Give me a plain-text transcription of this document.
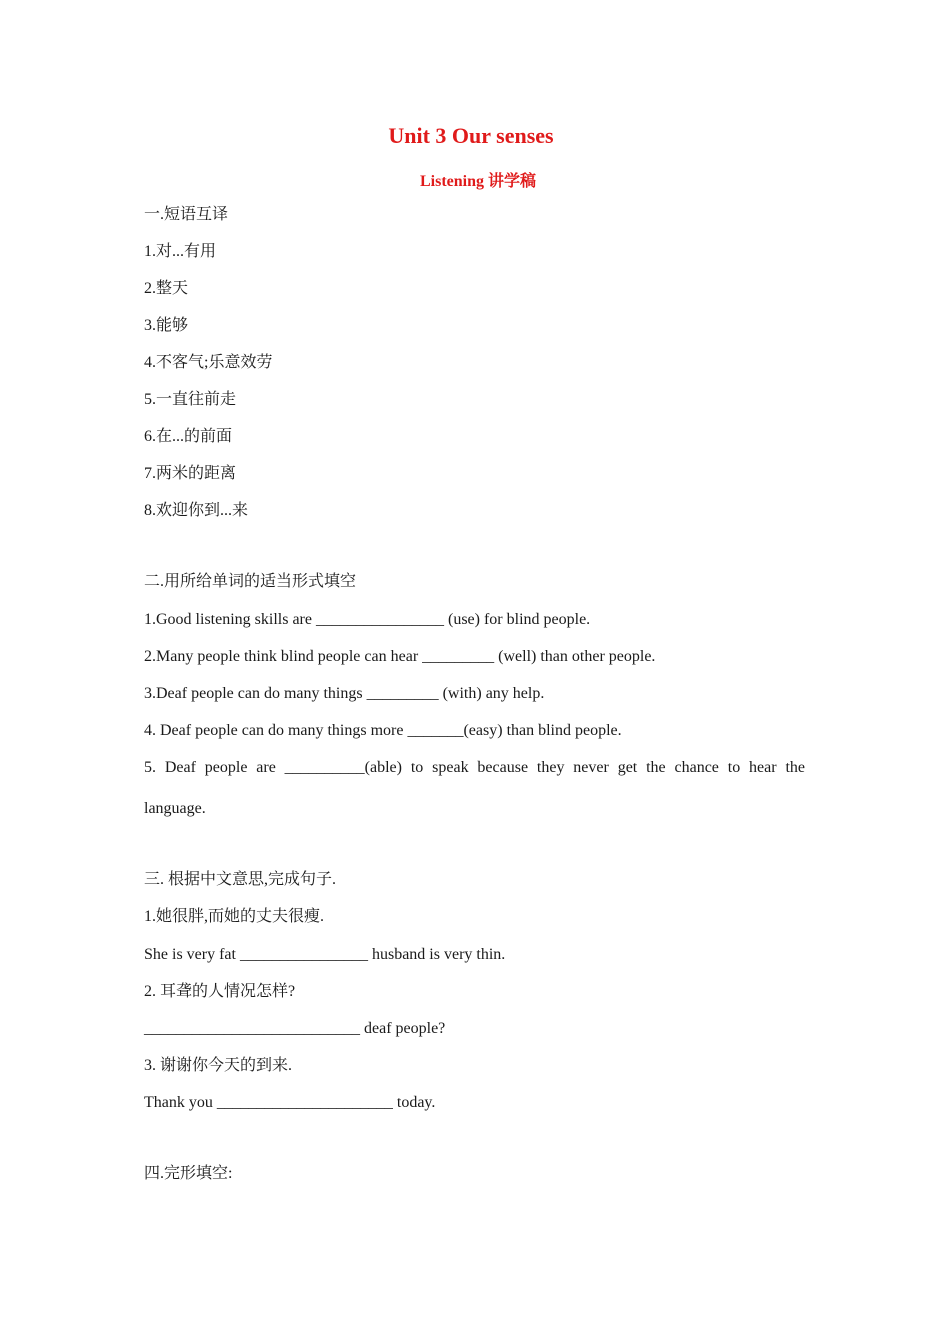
Unit 3 Our senses
Listening 讲学稿
一.短语互译
1.对...有用
2.整天
3.能够
4.不客气;乐意效劳
5.一直往前走
6.在...的前面
7.两米的距离
8.欢迎你到...来
二.用所给单词的适当形式填空
1.Good listening skills are ________________ (use) for blind people.
2.Many people think blind people can hear _________ (well) than other people.
3.Deaf people can do many things _________ (with) any help.
4. Deaf people can do many things more _______(easy) than blind people.
5. Deaf people are __________(able) to speak because they never get the chance to hear the
language.
三. 根据中文意思,完成句子.
1.她很胖,而她的丈夫很瘦.
She is very fat ________________ husband is very thin.
2. 耳聋的人情况怎样?
___________________________ deaf people?
3. 谢谢你今天的到来.
Thank you ______________________ today.
四.完形填空:
